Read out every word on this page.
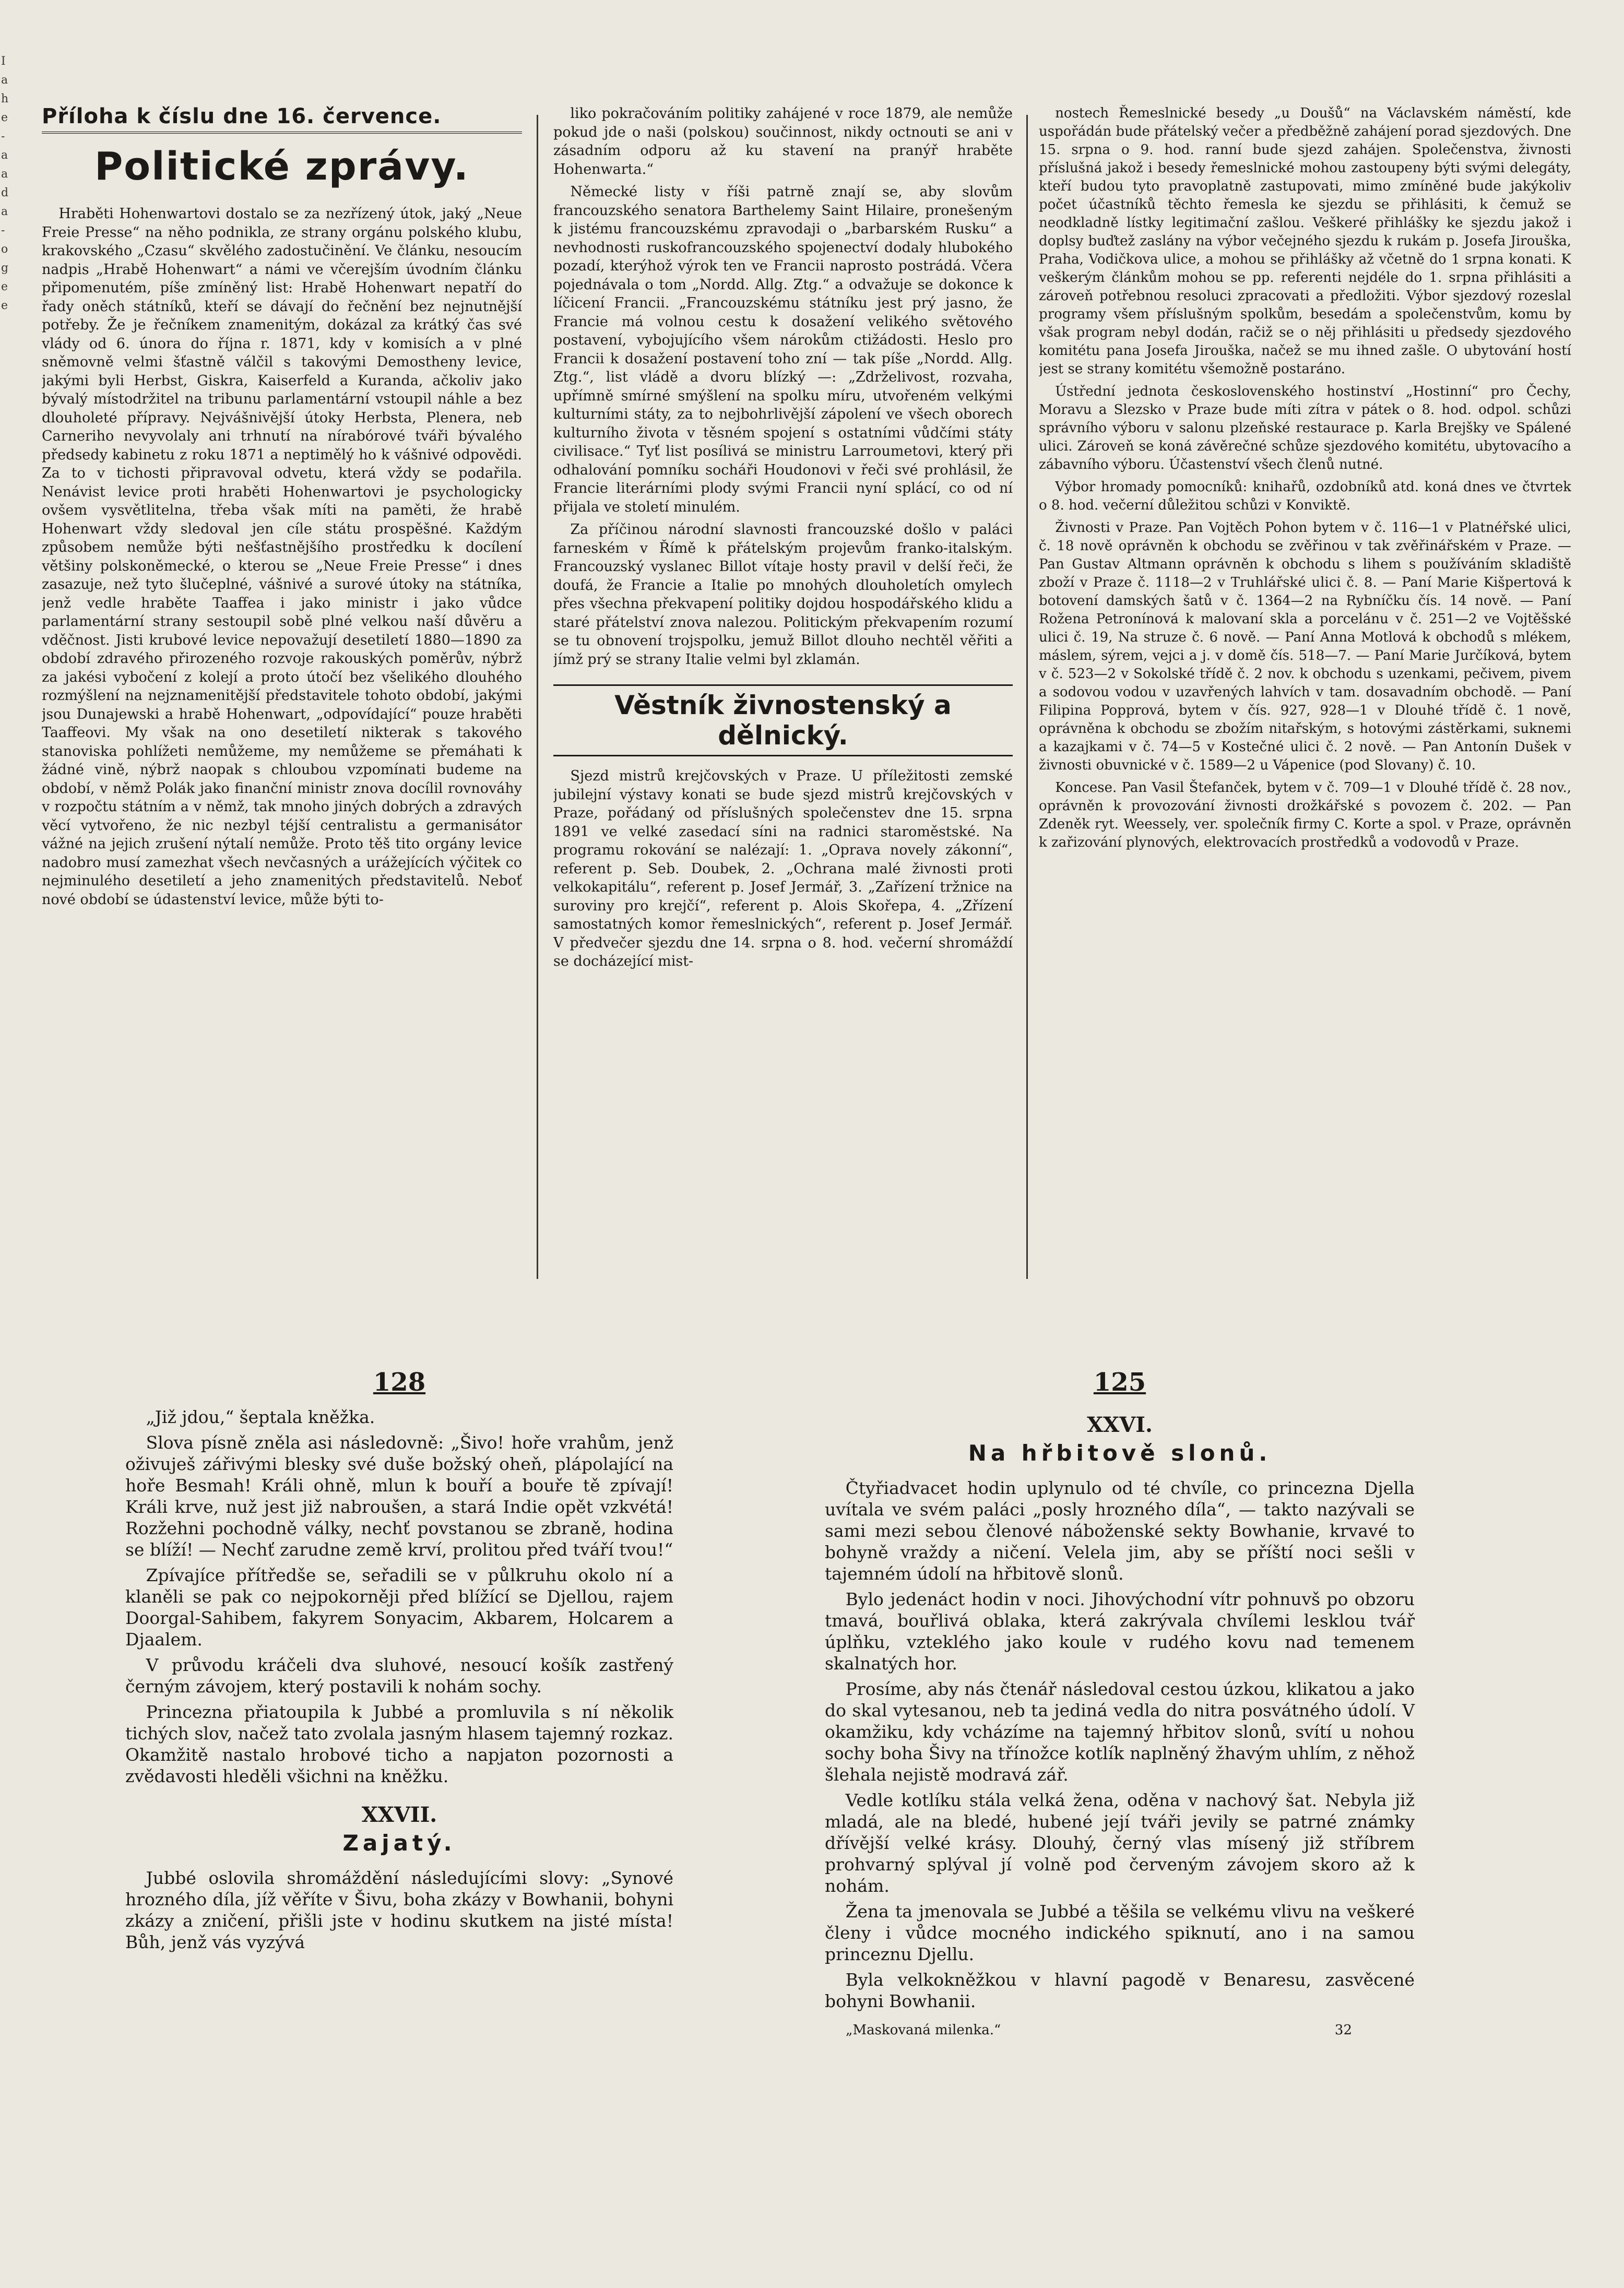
I
a
h
e
-
a
a
d
a
-
o
g
e
e
Příloha k číslu dne 16. července.
Politické zprávy.

Hraběti Hohenwartovi dostalo se za nezřízený útok, jaký „Neue Freie Presse“ na něho podnikla, ze strany orgánu polského klubu, krakovského „Czasu“ skvělého zadostučinění. Ve článku, nesoucím nadpis „Hrabě Hohenwart“ a námi ve včerejším úvodním článku připomenutém, píše zmíněný list: Hrabě Hohenwart nepatří do řady oněch státníků, kteří se dávají do řečnění bez nejnutnější potřeby. Že je řečníkem znamenitým, dokázal za krátký čas své vlády od 6. února do října r. 1871, kdy v komisích a v plné sněmovně velmi šťastně válčil s takovými Demostheny levice, jakými byli Herbst, Giskra, Kaiserfeld a Kuranda, ačkoliv jako bývalý místodržitel na tribunu parlamentární vstoupil náhle a bez dlouholeté přípravy. Nejvášnivější útoky Herbsta, Plenera, neb Carneriho nevyvolaly ani trhnutí na nírabórové tváři bývalého předsedy kabinetu z roku 1871 a neptimělý ho k vášnivé odpovědi. Za to v tichosti připravoval odvetu, která vždy se podařila. Nenávist levice proti hraběti Hohenwartovi je psychologicky ovšem vysvětlitelna, třeba však míti na paměti, že hrabě Hohenwart vždy sledoval jen cíle státu prospěšné. Každým způsobem nemůže býti nešťastnějšího prostředku k docílení většiny polskoněmecké, o kterou se „Neue Freie Presse“ i dnes zasazuje, než tyto šlučeplné, vášnivé a surové útoky na státníka, jenž vedle hraběte Taaffea i jako ministr i jako vůdce parlamentární strany sestoupil sobě plné velkou naší důvěru a vděčnost. Jisti krubové levice nepovažují desetiletí 1880—1890 za období zdravého přirozeného rozvoje rakouských poměrův, nýbrž za jakési vybočení z kolejí a proto útočí bez všelikého dlouhého rozmýšlení na nejznamenitější představitele tohoto období, jakými jsou Dunajewski a hrabě Hohenwart, „odpovídající“ pouze hraběti Taaffeovi. My však na ono desetiletí nikterak s takového stanoviska pohlížeti nemůžeme, my nemůžeme se přemáhati k žádné vině, nýbrž naopak s chloubou vzpomínati budeme na období, v němž Polák jako finanční ministr znova docílil rovnováhy v rozpočtu státním a v němž, tak mnoho jiných dobrých a zdravých věcí vytvořeno, že nic nezbyl téjší centralistu a germanisátor vážné na jejich zrušení nýtalí nemůže. Proto těš tito orgány levice nadobro musí zamezhat všech nevčasných a urážejících výčitek co nejminulého desetiletí a jeho znamenitých představitelů. Neboť nové období se údastenství levice, může býti to-

liko pokračováním politiky zahájené v roce 1879, ale nemůže pokud jde o naši (polskou) součinnost, nikdy octnouti se ani v zásadním odporu až ku stavení na pranýř hraběte Hohenwarta.“

Německé listy v říši patrně znají se, aby slovům francouzského senatora Barthelemy Saint Hilaire, pronešeným k jistému francouzskému zpravodaji o „barbarském Rusku“ a nevhodnosti ruskofrancouzského spojenectví dodaly hlubokého pozadí, kterýhož výrok ten ve Francii naprosto postrádá. Včera pojednávala o tom „Nordd. Allg. Ztg.“ a odvažuje se dokonce k líčicení Francii. „Francouzskému státníku jest prý jasno, že Francie má volnou cestu k dosažení velikého světového postavení, vybojujícího všem nárokům ctižádosti. Heslo pro Francii k dosažení postavení toho zní — tak píše „Nordd. Allg. Ztg.“, list vládě a dvoru blízký —: „Zdrželivost, rozvaha, upřímně smírné smýšlení na spolku míru, utvořeném velkými kulturními státy, za to nejbohrlivější zápolení ve všech oborech kulturního života v těsném spojení s ostatními vůdčími státy civilisace.“ Tyť list posílivá se ministru Larroumetovi, který při odhalování pomníku socháři Houdonovi v řeči své prohlásil, že Francie literárními plody svými Francii nyní splácí, co od ní přijala ve století minulém.

Za příčinou národní slavnosti francouzské došlo v paláci farneském v Římě k přátelským projevům franko-italským. Francouzský vyslanec Billot vítaje hosty pravil v delší řeči, že doufá, že Francie a Italie po mnohých dlouholetích omylech přes všechna překvapení politiky dojdou hospodářského klidu a staré přátelství znova nalezou. Politickým překvapením rozumí se tu obnovení trojspolku, jemuž Billot dlouho nechtěl věřiti a jímž prý se strany Italie velmi byl zklamán.

Věstník živnostenský a dělnický.

Sjezd mistrů krejčovských v Praze. U příležitosti zemské jubilejní výstavy konati se bude sjezd mistrů krejčovských v Praze, pořádaný od příslušných společenstev dne 15. srpna 1891 ve velké zasedací síni na radnici staroměstské. Na programu rokování se nalézají: 1. „Oprava novely zákonní“, referent p. Seb. Doubek, 2. „Ochrana malé živnosti proti velkokapitálu“, referent p. Josef Jermář, 3. „Zařízení tržnice na suroviny pro krejčí“, referent p. Alois Skořepa, 4. „Zřízení samostatných komor řemeslnických“, referent p. Josef Jermář. V předvečer sjezdu dne 14. srpna o 8. hod. večerní shromáždí se docházející mist-

nostech Řemeslnické besedy „u Doušů“ na Václavském náměstí, kde uspořádán bude přátelský večer a předběžně zahájení porad sjezdových. Dne 15. srpna o 9. hod. ranní bude sjezd zahájen. Společenstva, živnosti příslušná jakož i besedy řemeslnické mohou zastoupeny býti svými delegáty, kteří budou tyto pravoplatně zastupovati, mimo zmíněné bude jakýkoliv počet účastníků těchto řemesla ke sjezdu se přihlásiti, k čemuž se neodkladně lístky legitimační zašlou. Veškeré přihlášky ke sjezdu jakož i doplsy buďtež zaslány na výbor večejného sjezdu k rukám p. Josefa Jirouška, Praha, Vodičkova ulice, a mohou se přihlášky až včetně do 1 srpna konati. K veškerým článkům mohou se pp. referenti nejdéle do 1. srpna přihlásiti a zároveň potřebnou resoluci zpracovati a předložiti. Výbor sjezdový rozeslal programy všem příslušným spolkům, besedám a společenstvům, komu by však program nebyl dodán, račiž se o něj přihlásiti u předsedy sjezdového komitétu pana Josefa Jirouška, načež se mu ihned zašle. O ubytování hostí jest se strany komitétu všemožně postaráno.

Ústřední jednota československého hostinství „Hostinní“ pro Čechy, Moravu a Slezsko v Praze bude míti zítra v pátek o 8. hod. odpol. schůzi správního výboru v salonu plzeňské restaurace p. Karla Brejšky ve Spálené ulici. Zároveň se koná závěrečné schůze sjezdového komitétu, ubytovacího a zábavního výboru. Účastenství všech členů nutné.

Výbor hromady pomocníků: knihařů, ozdobníků atd. koná dnes ve čtvrtek o 8. hod. večerní důležitou schůzi v Konviktě.

Živnosti v Praze. Pan Vojtěch Pohon bytem v č. 116—1 v Platnéřské ulici, č. 18 nově oprávněn k obchodu se zvěřinou v tak zvěřinářském v Praze. — Pan Gustav Altmann oprávněn k obchodu s lihem s používáním skladiště zboží v Praze č. 1118—2 v Truhlářské ulici č. 8. — Paní Marie Kišpertová k botovení damských šatů v č. 1364—2 na Rybníčku čís. 14 nově. — Paní Rožena Petronínová k malovaní skla a porcelánu v č. 251—2 ve Vojtěšské ulici č. 19, Na struze č. 6 nově. — Paní Anna Motlová k obchodů s mlékem, máslem, sýrem, vejci a j. v domě čís. 518—7. — Paní Marie Jurčíková, bytem v č. 523—2 v Sokolské třídě č. 2 nov. k obchodu s uzenkami, pečivem, pivem a sodovou vodou v uzavřených lahvích v tam. dosavadním obchodě. — Paní Filipina Popprová, bytem v čís. 927, 928—1 v Dlouhé třídě č. 1 nově, oprávněna k obchodu se zbožím nitařským, s hotovými zástěrkami, suknemi a kazajkami v č. 74—5 v Kostečné ulici č. 2 nově. — Pan Antonín Dušek v živnosti obuvnické v č. 1589—2 u Vápenice (pod Slovany) č. 10.

Koncese. Pan Vasil Štefanček, bytem v č. 709—1 v Dlouhé třídě č. 28 nov., oprávněn k provozování živnosti drožkářské s povozem č. 202. — Pan Zdeněk ryt. Weessely, ver. společník firmy C. Korte a spol. v Praze, oprávněn k zařizování plynových, elektrovacích prostředků a vodovodů v Praze.

128

„Již jdou,“ šeptala kněžka.

Slova písně zněla asi následovně: „Šivo! hoře vrahům, jenž oživuješ zářivými blesky své duše božský oheň, plápolající na hoře Besmah! Králi ohně, mlun k bouří a bouře tě zpívají! Králi krve, nuž jest již nabroušen, a stará Indie opět vzkvétá! Rozžehni pochodně války, nechť povstanou se zbraně, hodina se blíží! — Nechť zarudne země krví, prolitou před tváří tvou!“

Zpívajíce přítředše se, seřadili se v půlkruhu okolo ní a klaněli se pak co nejpokorněji před blížící se Djellou, rajem Doorgal-Sahibem, fakyrem Sonyacim, Akbarem, Holcarem a Djaalem.

V průvodu kráčeli dva sluhové, nesoucí košík zastřený černým závojem, který postavili k nohám sochy.

Princezna přiatoupila k Jubbé a promluvila s ní několik tichých slov, načež tato zvolala jasným hlasem tajemný rozkaz. Okamžitě nastalo hrobové ticho a napjaton pozornosti a zvědavosti hleděli všichni na kněžku.

XXVII.
Zajatý.

Jubbé oslovila shromáždění následujícími slovy: „Synové hrozného díla, jíž věříte v Šivu, boha zkázy v Bowhanii, bohyni zkázy a zničení, přišli jste v hodinu skutkem na jisté místa! Bůh, jenž vás vyzývá

125
XXVI.
Na hřbitově slonů.

Čtyřiadvacet hodin uplynulo od té chvíle, co princezna Djella uvítala ve svém paláci „posly hrozného díla“, — takto nazývali se sami mezi sebou členové náboženské sekty Bowhanie, krvavé to bohyně vraždy a ničení. Velela jim, aby se příští noci sešli v tajemném údolí na hřbitově slonů.

Bylo jedenáct hodin v noci. Jihovýchodní vítr pohnuvš po obzoru tmavá, bouřlivá oblaka, která zakrývala chvílemi lesklou tvář úplňku, vzteklého jako koule v rudého kovu nad temenem skalnatých hor.

Prosíme, aby nás čtenář následoval cestou úzkou, klikatou a jako do skal vytesanou, neb ta jediná vedla do nitra posvátného údolí. V okamžiku, kdy vcházíme na tajemný hřbitov slonů, svítí u nohou sochy boha Šivy na třínožce kotlík naplněný žhavým uhlím, z něhož šlehala nejistě modravá zář.

Vedle kotlíku stála velká žena, oděna v nachový šat. Nebyla již mladá, ale na bledé, hubené její tváři jevily se patrné známky dřívější velké krásy. Dlouhý, černý vlas mísený již stříbrem prohvarný splýval jí volně pod červeným závojem skoro až k nohám.

Žena ta jmenovala se Jubbé a těšila se velkému vlivu na veškeré členy i vůdce mocného indického spiknutí, ano i na samou princeznu Djellu.

Byla velkokněžkou v hlavní pagodě v Benaresu, zasvěcené bohyni Bowhanii.

„Maskovaná milenka.“	32
